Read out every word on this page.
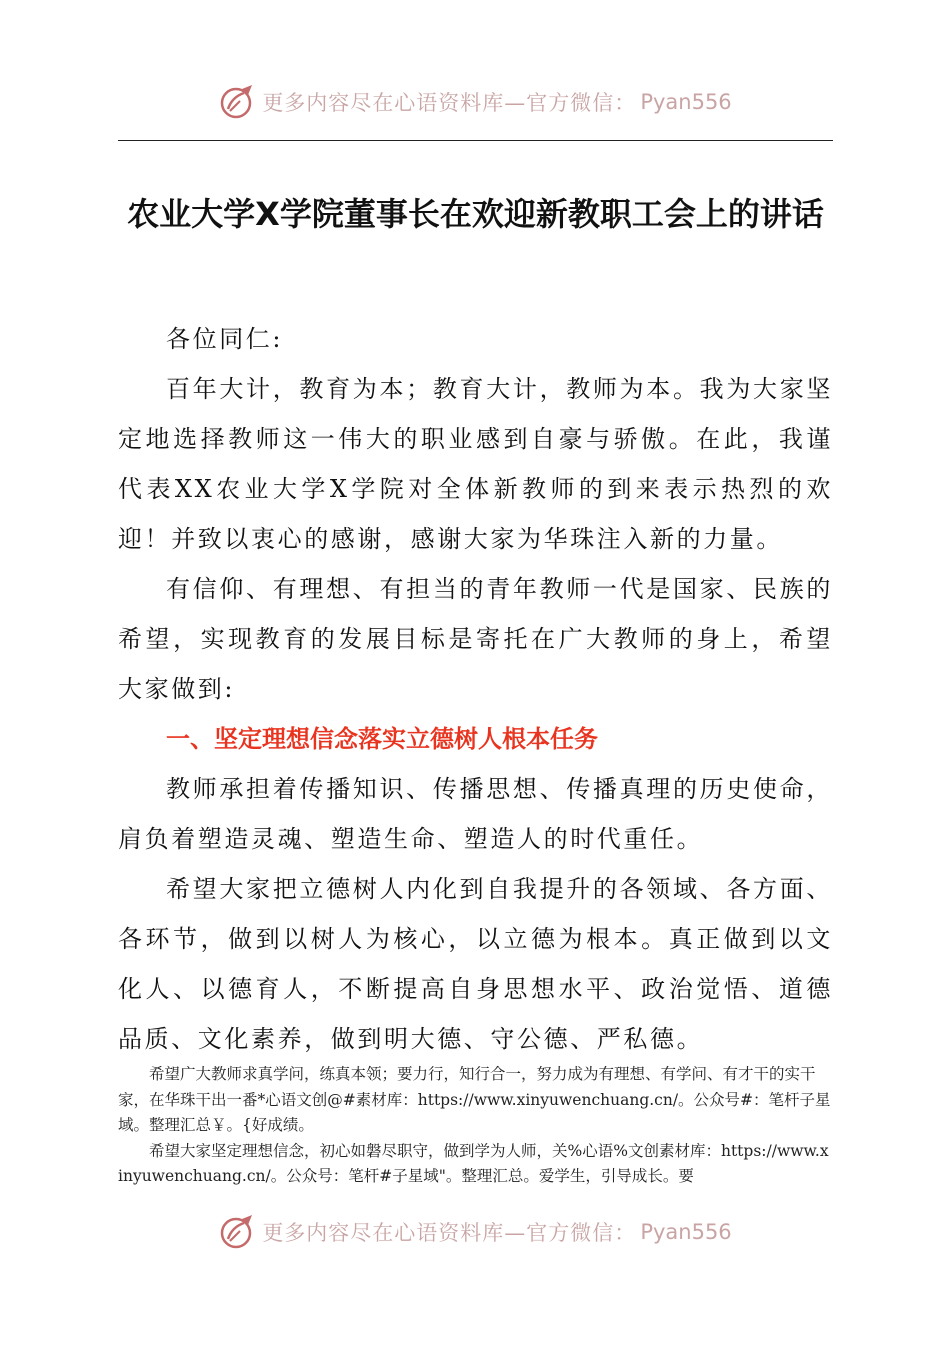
更多内容尽在心语资料库—官方微信： Pyan556
农业大学X学院董事长在欢迎新教职工会上的讲话

各位同仁:

百年大计，教育为本；教育大计，教师为本。我为大家坚定地选择教师这一伟大的职业感到自豪与骄傲。在此，我谨代表XX农业大学X学院对全体新教师的到来表示热烈的欢迎！并致以衷心的感谢，感谢大家为华珠注入新的力量。

有信仰、有理想、有担当的青年教师一代是国家、民族的希望，实现教育的发展目标是寄托在广大教师的身上，希望大家做到:

一、坚定理想信念落实立德树人根本任务

教师承担着传播知识、传播思想、传播真理的历史使命，肩负着塑造灵魂、塑造生命、塑造人的时代重任。

希望大家把立德树人内化到自我提升的各领域、各方面、各环节，做到以树人为核心，以立德为根本。真正做到以文化人、以德育人，不断提高自身思想水平、政治觉悟、道德品质、文化素养，做到明大德、守公德、严私德。

希望广大教师求真学问，练真本领；要力行，知行合一，努力成为有理想、有学问、有才干的实干家，在华珠干出一番*心语文创@#素材库：https://www.xinyuwenchuang.cn/。公众号#：笔杆子星域。整理汇总￥。{好成绩。

希望大家坚定理想信念，初心如磐尽职守，做到学为人师，关%心语%文创素材库：https://www.xinyuwenchuang.cn/。公众号：笔杆#子星域"。整理汇总。爱学生，引导成长。要

更多内容尽在心语资料库—官方微信： Pyan556
